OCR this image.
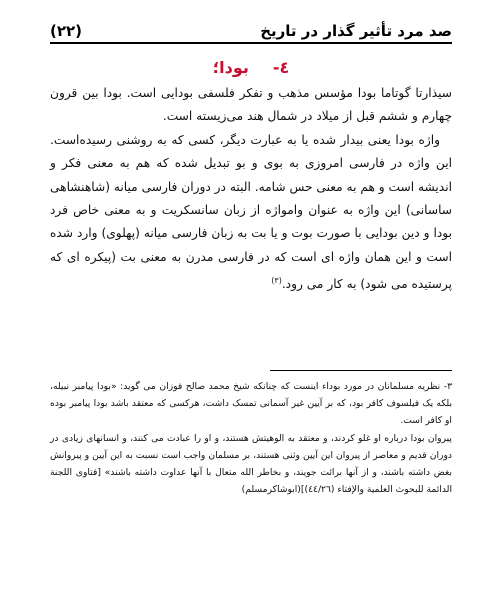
(٢٢)	صد مرد تأثیر گذار در تاریخ
٤-بودا؛

سیذارتا گوتاما بودا مؤسس مذهب و تفکر فلسفی بودایی است. بودا بین قرون چهارم و ششم قبل از میلاد در شمال هند می‌زیسته است.

واژه بودا یعنی بیدار شده یا به عبارت دیگر، کسی که به روشنی رسیده‌است. این واژه در فارسی امروزی به بوی و بو تبدیل شده که هم به معنی فکر و اندیشه است و هم به معنی حس شامه. البته در دوران فارسی میانه (شاهنشاهی ساسانی) این واژه به عنوان وامواژه از زبان سانسکریت و به معنی خاص فرد بودا و دین بودایی با صورت بوت و یا بت به زبان فارسی میانه (پهلوی) وارد شده است و این همان واژه ای است که در فارسی مدرن به معنی بت (پیکره ای که پرستیده می شود) به کار می رود.$^{(٣)}$

٣- نظریه مسلمانان در مورد بوداء اینست که چنانکه شیخ محمد صالح فوزان می گوید: «بودا پیامبر نبیله، بلکه یک فیلسوف کافر بود، که بر آیین غیر آسمانی تمسک داشت، هرکسی که معتقد باشد بودا پیامبر بوده او کافر است.

پیروان بودا درباره او غلو کردند، و معتقد به الوهیتش هستند، و او را عبادت می کنند، و انسانهای زیادی در دوران قدیم و معاصر از پیروان این آیین وثنی هستند، بر مسلمان واجب است نسبت به این آیین و پیروانش بغض داشته باشند، و از آنها برائت جویند، و بخاطر الله متعال با آنها عداوت داشته باشند» [فتاوى اللجنة الدائمة للبحوث العلمية والإفتاء (٤٤/٢٦)](ابوشاکرمسلم)
